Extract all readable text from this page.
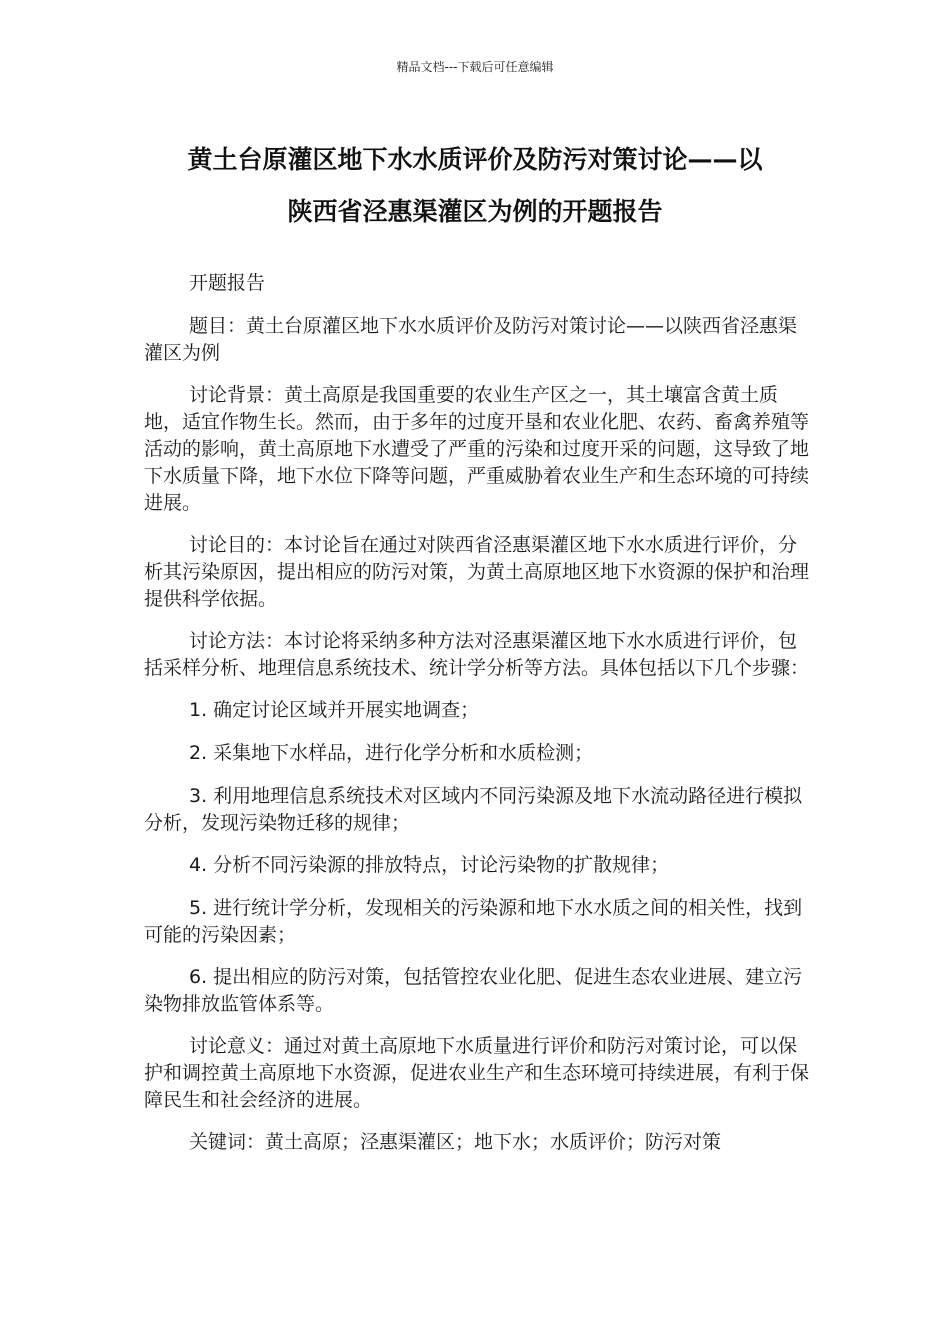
精品文档---下载后可任意编辑
黄土台原灌区地下水水质评价及防污对策讨论——以
陕西省泾惠渠灌区为例的开题报告

开题报告

题目：黄土台原灌区地下水水质评价及防污对策讨论——以陕西省泾惠渠灌区为例

讨论背景：黄土高原是我国重要的农业生产区之一，其土壤富含黄土质地，适宜作物生长。然而，由于多年的过度开垦和农业化肥、农药、畜禽养殖等活动的影响，黄土高原地下水遭受了严重的污染和过度开采的问题，这导致了地下水质量下降，地下水位下降等问题，严重威胁着农业生产和生态环境的可持续进展。

讨论目的：本讨论旨在通过对陕西省泾惠渠灌区地下水水质进行评价，分析其污染原因，提出相应的防污对策，为黄土高原地区地下水资源的保护和治理提供科学依据。

讨论方法：本讨论将采纳多种方法对泾惠渠灌区地下水水质进行评价，包括采样分析、地理信息系统技术、统计学分析等方法。具体包括以下几个步骤：

1. 确定讨论区域并开展实地调查；

2. 采集地下水样品，进行化学分析和水质检测；

3. 利用地理信息系统技术对区域内不同污染源及地下水流动路径进行模拟分析，发现污染物迁移的规律；

4. 分析不同污染源的排放特点，讨论污染物的扩散规律；

5. 进行统计学分析，发现相关的污染源和地下水水质之间的相关性，找到可能的污染因素；

6. 提出相应的防污对策，包括管控农业化肥、促进生态农业进展、建立污染物排放监管体系等。

讨论意义：通过对黄土高原地下水质量进行评价和防污对策讨论，可以保护和调控黄土高原地下水资源，促进农业生产和生态环境可持续进展，有利于保障民生和社会经济的进展。

关键词：黄土高原；泾惠渠灌区；地下水；水质评价；防污对策
